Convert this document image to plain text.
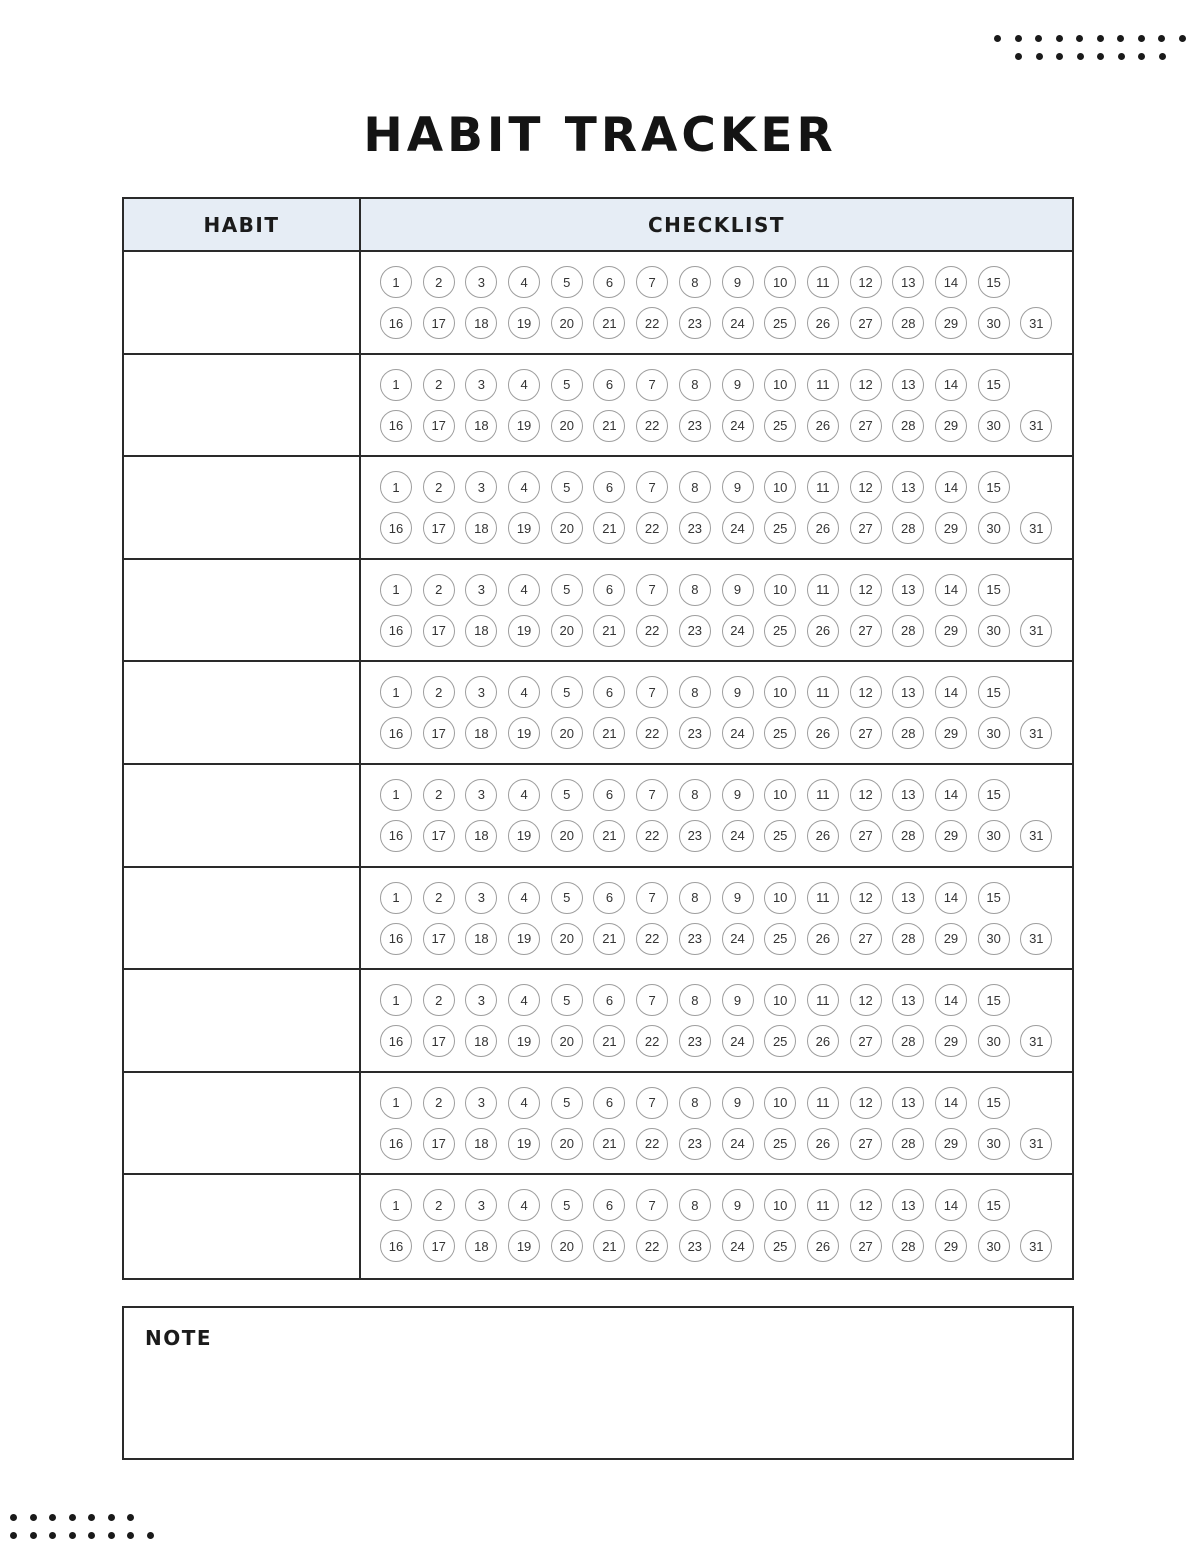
HABIT TRACKER
HABIT	CHECKLIST
1	2	3	4	5	6	7	8	9	10	11	12	13	14	15
16	17	18	19	20	21	22	23	24	25	26	27	28	29	30	31
1	2	3	4	5	6	7	8	9	10	11	12	13	14	15
16	17	18	19	20	21	22	23	24	25	26	27	28	29	30	31
1	2	3	4	5	6	7	8	9	10	11	12	13	14	15
16	17	18	19	20	21	22	23	24	25	26	27	28	29	30	31
1	2	3	4	5	6	7	8	9	10	11	12	13	14	15
16	17	18	19	20	21	22	23	24	25	26	27	28	29	30	31
1	2	3	4	5	6	7	8	9	10	11	12	13	14	15
16	17	18	19	20	21	22	23	24	25	26	27	28	29	30	31
1	2	3	4	5	6	7	8	9	10	11	12	13	14	15
16	17	18	19	20	21	22	23	24	25	26	27	28	29	30	31
1	2	3	4	5	6	7	8	9	10	11	12	13	14	15
16	17	18	19	20	21	22	23	24	25	26	27	28	29	30	31
1	2	3	4	5	6	7	8	9	10	11	12	13	14	15
16	17	18	19	20	21	22	23	24	25	26	27	28	29	30	31
1	2	3	4	5	6	7	8	9	10	11	12	13	14	15
16	17	18	19	20	21	22	23	24	25	26	27	28	29	30	31
1	2	3	4	5	6	7	8	9	10	11	12	13	14	15
16	17	18	19	20	21	22	23	24	25	26	27	28	29	30	31
NOTE
